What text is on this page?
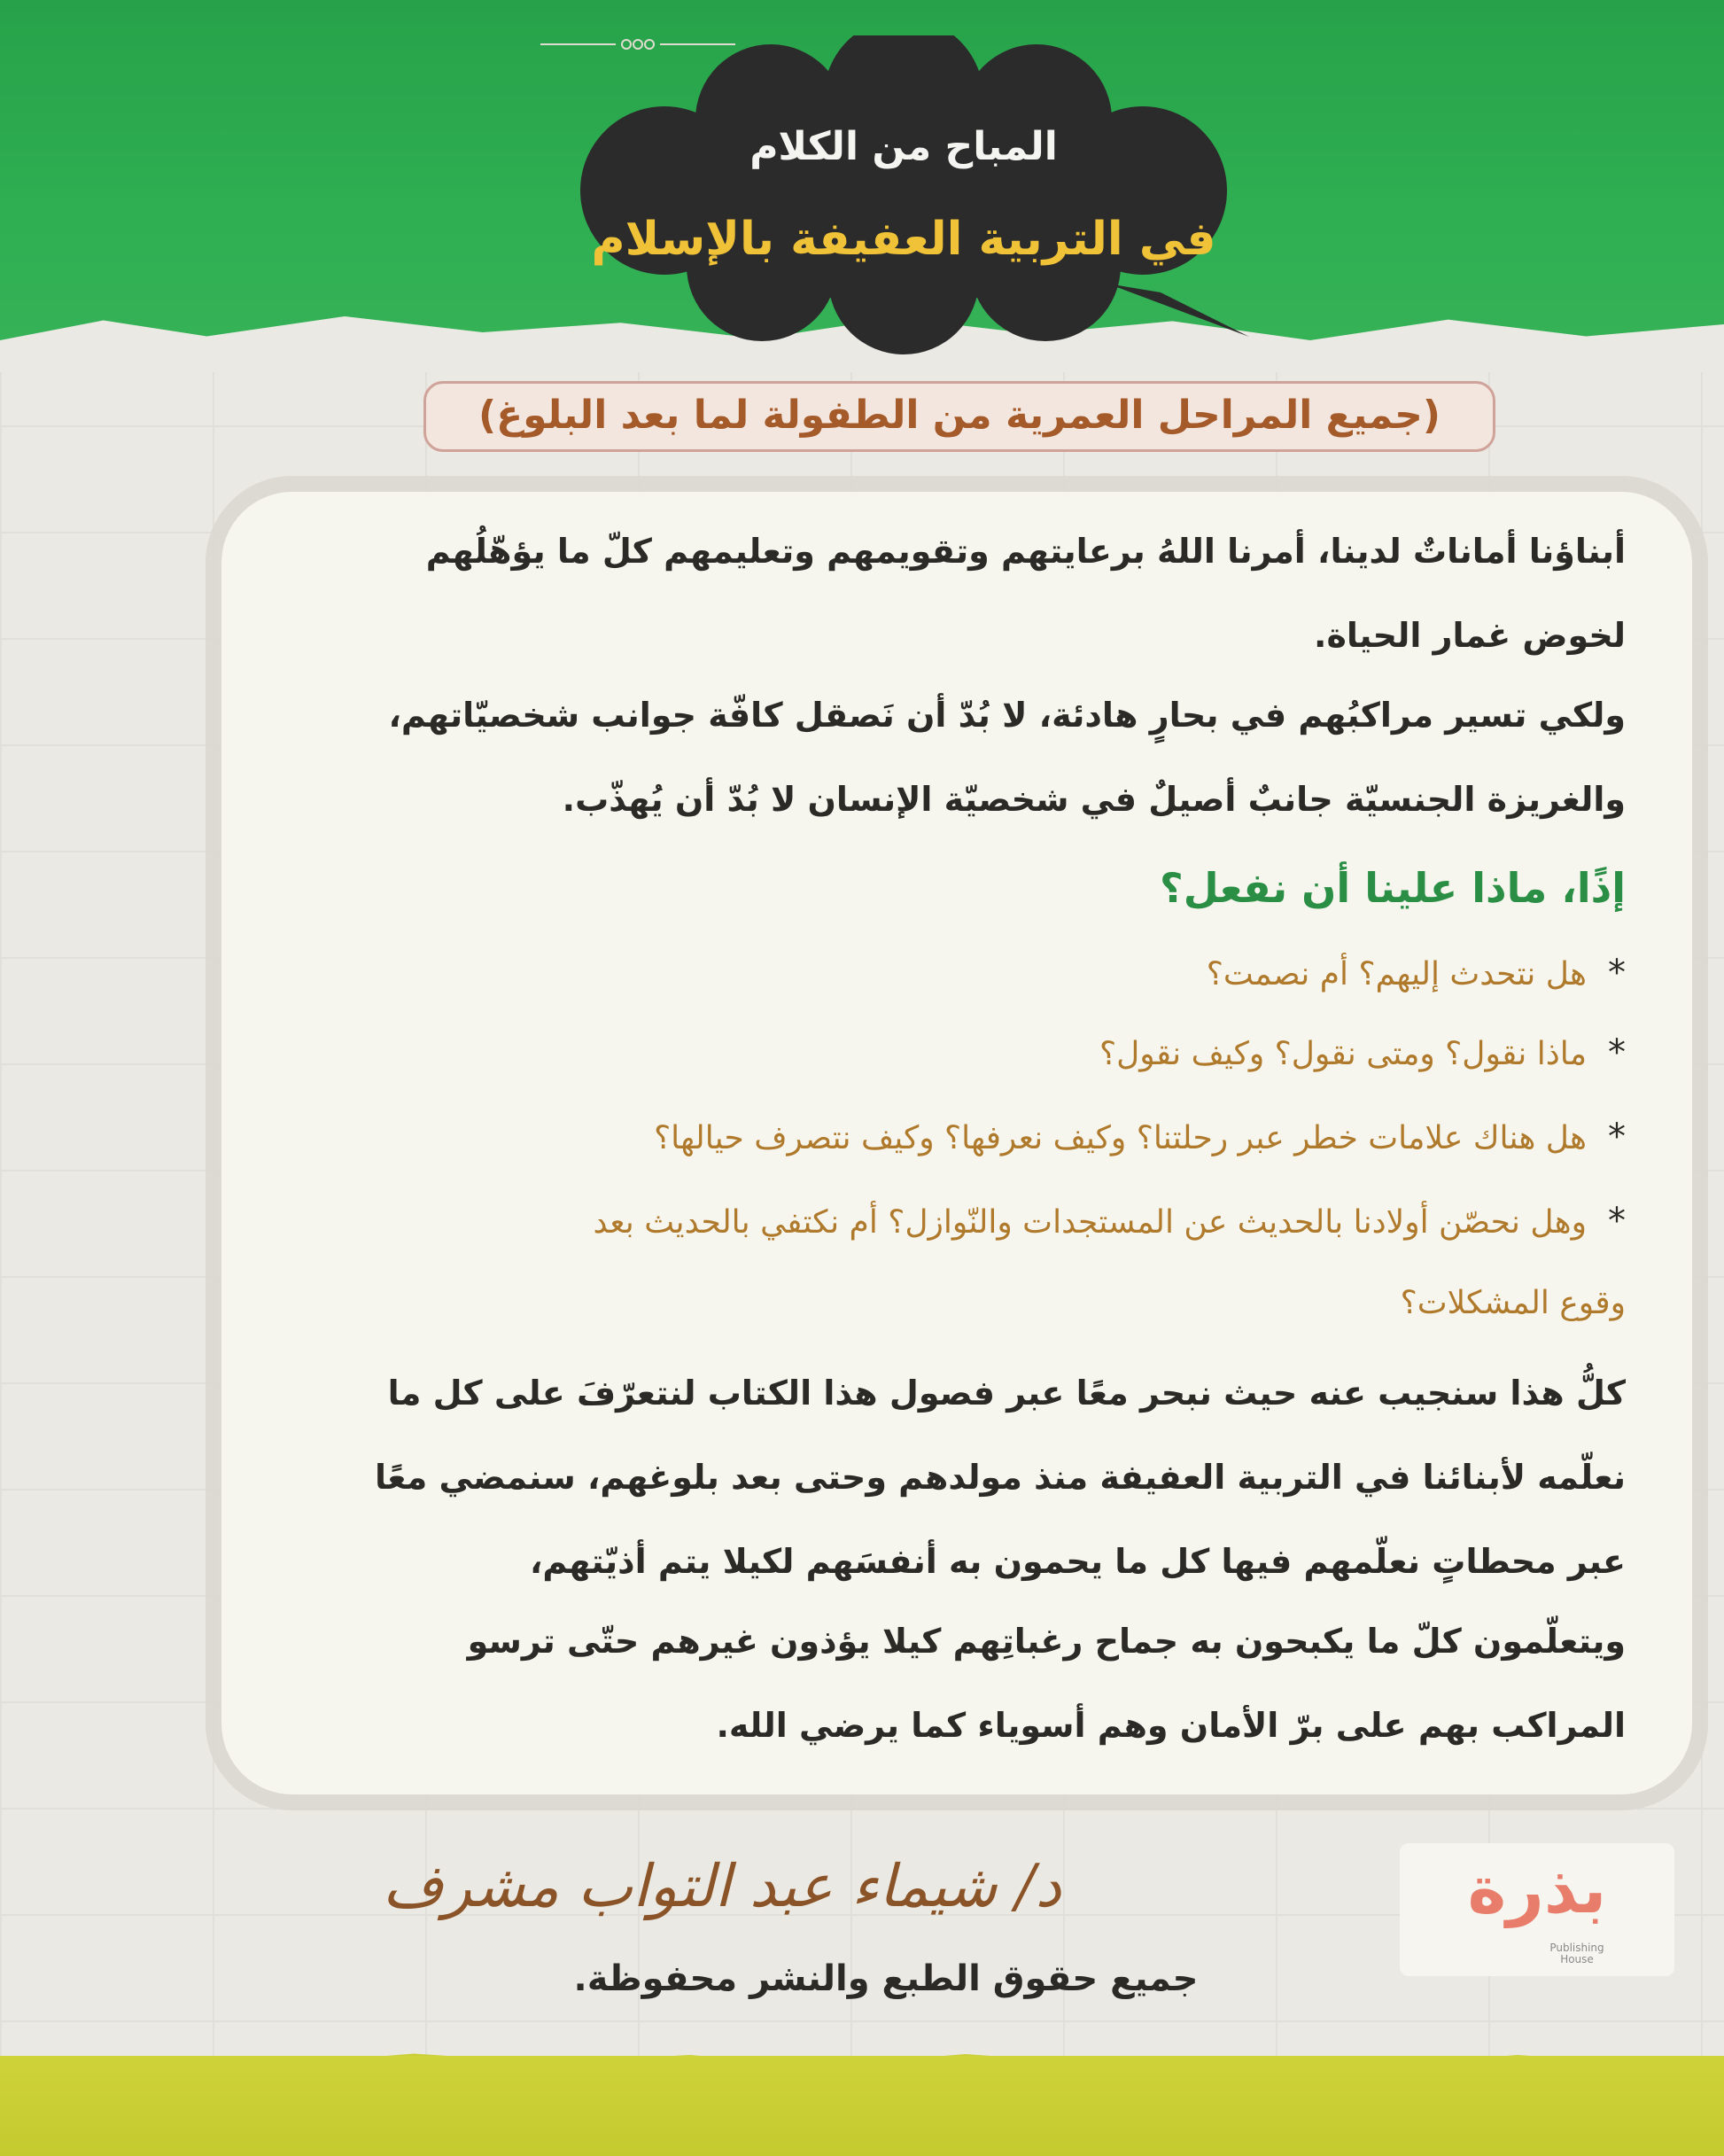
المباح من الكلام
في التربية العفيفة بالإسلام
(جميع المراحل العمرية من الطفولة لما بعد البلوغ)
أبناؤنا أماناتٌ لدينا، أمرنا اللهُ برعايتهم وتقويمهم وتعليمهم كلّ ما يؤهّلُهم
لخوض غمار الحياة.
ولكي تسير مراكبُهم في بحارٍ هادئة، لا بُدّ أن نَصقل كافّة جوانب شخصيّاتهم،
والغريزة الجنسيّة جانبٌ أصيلٌ في شخصيّة الإنسان لا بُدّ أن يُهذّب.
إذًا، ماذا علينا أن نفعل؟
*هل نتحدث إليهم؟ أم نصمت؟
*ماذا نقول؟ ومتى نقول؟ وكيف نقول؟
*هل هناك علامات خطر عبر رحلتنا؟ وكيف نعرفها؟ وكيف نتصرف حيالها؟
*وهل نحصّن أولادنا بالحديث عن المستجدات والنّوازل؟ أم نكتفي بالحديث بعد
وقوع المشكلات؟
كلُّ هذا سنجيب عنه حيث نبحر معًا عبر فصول هذا الكتاب لنتعرّفَ على كل ما
نعلّمه لأبنائنا في التربية العفيفة منذ مولدهم وحتى بعد بلوغهم، سنمضي معًا
عبر محطاتٍ نعلّمهم فيها كل ما يحمون به أنفسَهم لكيلا يتم أذيّتهم،
ويتعلّمون كلّ ما يكبحون به جماح رغباتِهم كيلا يؤذون غيرهم حتّى ترسو
المراكب بهم على برّ الأمان وهم أسوياء كما يرضي الله.
د/ شيماء عبد التواب مشرف	بذرة
Publishing House
جميع حقوق الطبع والنشر محفوظة.
